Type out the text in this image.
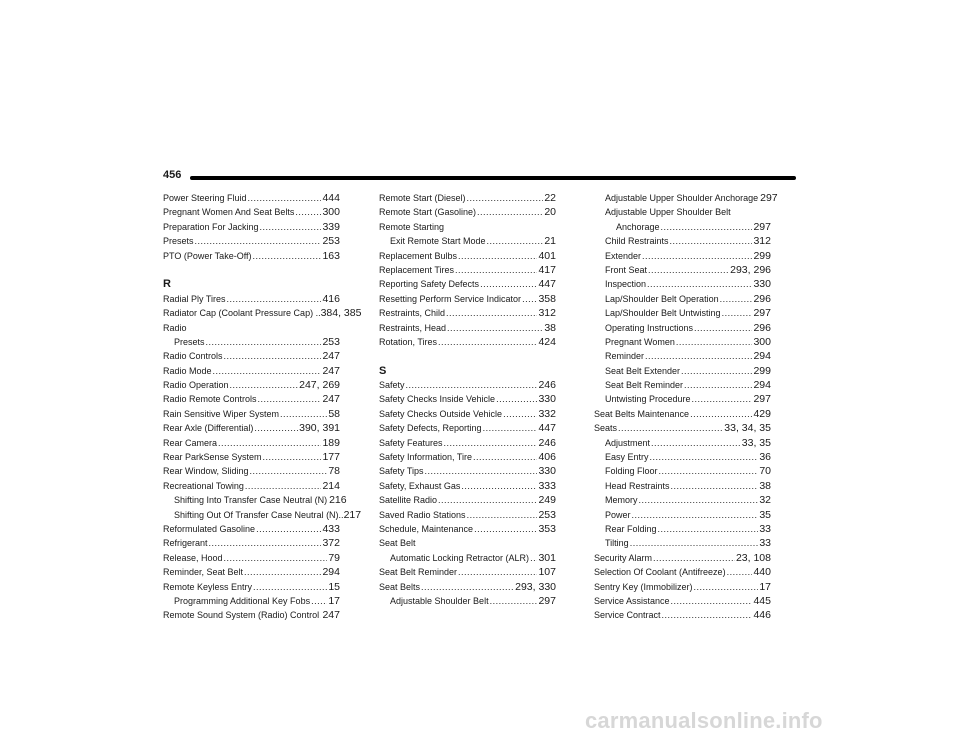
456
Power Steering Fluid .....	444
Pregnant Women And Seat Belts .....	300
Preparation For Jacking .....	339
Presets .....	253
PTO (Power Take-Off) .....	163
R
Radial Ply Tires .....	416
Radiator Cap (Coolant Pressure Cap) .. 384, 385
Radio
Presets .....	253
Radio Controls .....	247
Radio Mode .....	247
Radio Operation .....	247, 269
Radio Remote Controls .....	247
Rain Sensitive Wiper System .....	58
Rear Axle (Differential) .....	390, 391
Rear Camera .....	189
Rear ParkSense System .....	177
Rear Window, Sliding .....	78
Recreational Towing .....	214
Shifting Into Transfer Case Neutral (N) 216
Shifting Out Of Transfer Case Neutral (N).. 217
Reformulated Gasoline .....	433
Refrigerant .....	372
Release, Hood .....	79
Reminder, Seat Belt .....	294
Remote Keyless Entry .....	15
Programming Additional Key Fobs ..... 17
Remote Sound System (Radio) Control ..... 247
Remote Start (Diesel) .....	22
Remote Start (Gasoline) .....	20
Remote Starting
Exit Remote Start Mode .....	21
Replacement Bulbs .....	401
Replacement Tires .....	417
Reporting Safety Defects .....	447
Resetting Perform Service Indicator ..... 358
Restraints, Child .....	312
Restraints, Head .....	38
Rotation, Tires .....	424
S
Safety .....	246
Safety Checks Inside Vehicle .....	330
Safety Checks Outside Vehicle .....	332
Safety Defects, Reporting .....	447
Safety Features .....	246
Safety Information, Tire .....	406
Safety Tips .....	330
Safety, Exhaust Gas .....	333
Satellite Radio .....	249
Saved Radio Stations .....	253
Schedule, Maintenance .....	353
Seat Belt
Automatic Locking Retractor (ALR) ..... 301
Seat Belt Reminder .....	107
Seat Belts .....	293, 330
Adjustable Shoulder Belt .....	297
Adjustable Upper Shoulder Anchorage 297
Adjustable Upper Shoulder Belt
Anchorage .....	297
Child Restraints .....	312
Extender .....	299
Front Seat .....	293, 296
Inspection .....	330
Lap/Shoulder Belt Operation .....	296
Lap/Shoulder Belt Untwisting .....	297
Operating Instructions .....	296
Pregnant Women .....	300
Reminder .....	294
Seat Belt Extender .....	299
Seat Belt Reminder .....	294
Untwisting Procedure .....	297
Seat Belts Maintenance .....	429
Seats .....	33, 34, 35
Adjustment .....	33, 35
Easy Entry .....	36
Folding Floor .....	70
Head Restraints .....	38
Memory .....	32
Power .....	35
Rear Folding .....	33
Tilting .....	33
Security Alarm .....	23, 108
Selection Of Coolant (Antifreeze) .....	440
Sentry Key (Immobilizer) .....	17
Service Assistance .....	445
Service Contract .....	446
carmanualsonline.info
